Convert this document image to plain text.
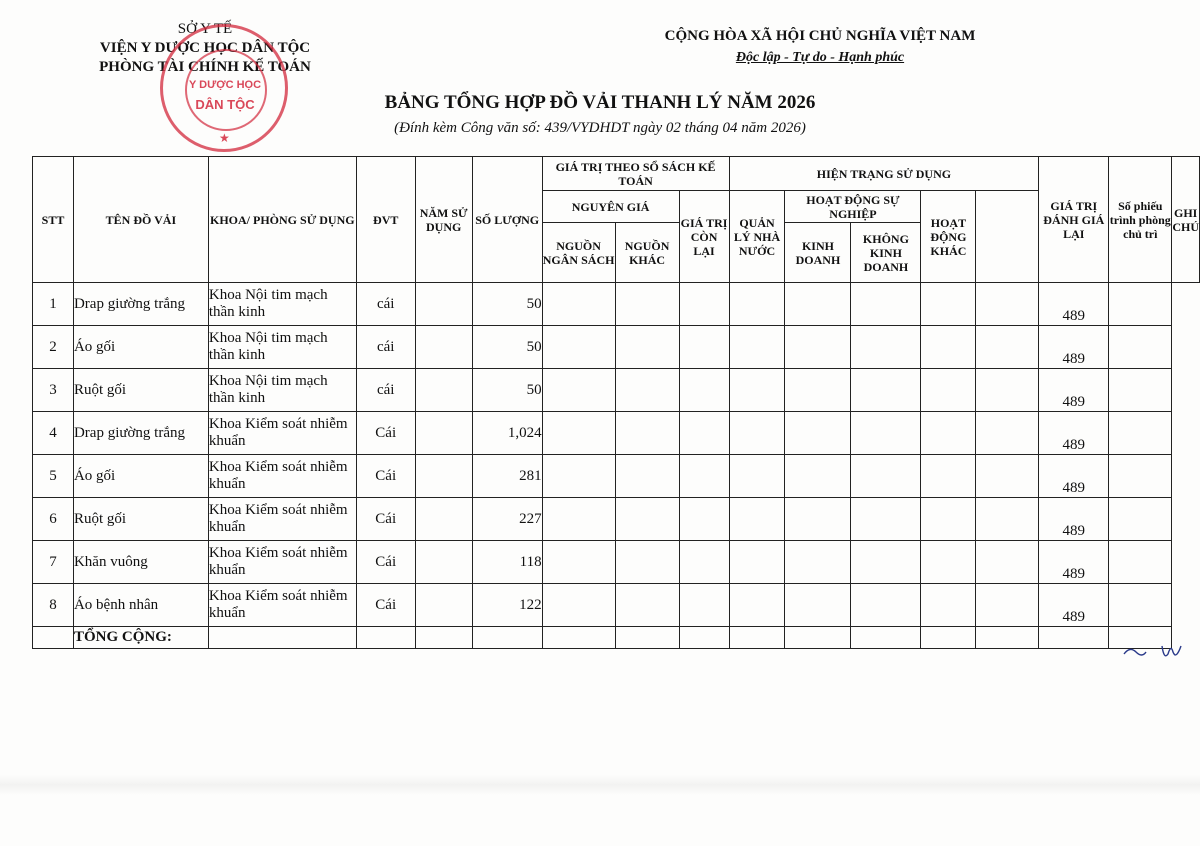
SỞ Y TẾ
VIỆN Y DƯỢC HỌC DÂN TỘC
PHÒNG TÀI CHÍNH KẾ TOÁN
Y DƯỢC HỌC
DÂN TỘC
★
CỘNG HÒA XÃ HỘI CHỦ NGHĨA VIỆT NAM
Độc lập - Tự do - Hạnh phúc
BẢNG TỔNG HỢP ĐỒ VẢI THANH LÝ NĂM 2026
(Đính kèm Công văn số: 439/VYDHDT ngày 02 tháng 04 năm 2026)
STT	TÊN ĐỒ VẢI	KHOA/ PHÒNG SỬ DỤNG	ĐVT	NĂM SỬ DỤNG	SỐ LƯỢNG	GIÁ TRỊ THEO SỔ SÁCH KẾ TOÁN			HIỆN TRẠNG SỬ DỤNG					GIÁ TRỊ ĐÁNH GIÁ LẠI	Số phiếu trình phòng chủ trì	GHI CHÚ
						NGUYÊN GIÁ		GIÁ TRỊ CÒN LẠI	QUẢN LÝ NHÀ NƯỚC	HOẠT ĐỘNG SỰ NGHIỆP		HOẠT ĐỘNG KHÁC				
						NGUỒN NGÂN SÁCH	NGUỒN KHÁC			KINH DOANH	KHÔNG KINH DOANH					
1	Drap giường trắng	Khoa Nội tim mạch thần kinh	cái		50									489		
2	Áo gối	Khoa Nội tim mạch thần kinh	cái		50									489		
3	Ruột gối	Khoa Nội tim mạch thần kinh	cái		50									489		
4	Drap giường trắng	Khoa Kiểm soát nhiễm khuẩn	Cái		1,024									489		
5	Áo gối	Khoa Kiểm soát nhiễm khuẩn	Cái		281									489		
6	Ruột gối	Khoa Kiểm soát nhiễm khuẩn	Cái		227									489		
7	Khăn vuông	Khoa Kiểm soát nhiễm khuẩn	Cái		118									489		
8	Áo bệnh nhân	Khoa Kiểm soát nhiễm khuẩn	Cái		122									489		
	TỔNG CỘNG:															
